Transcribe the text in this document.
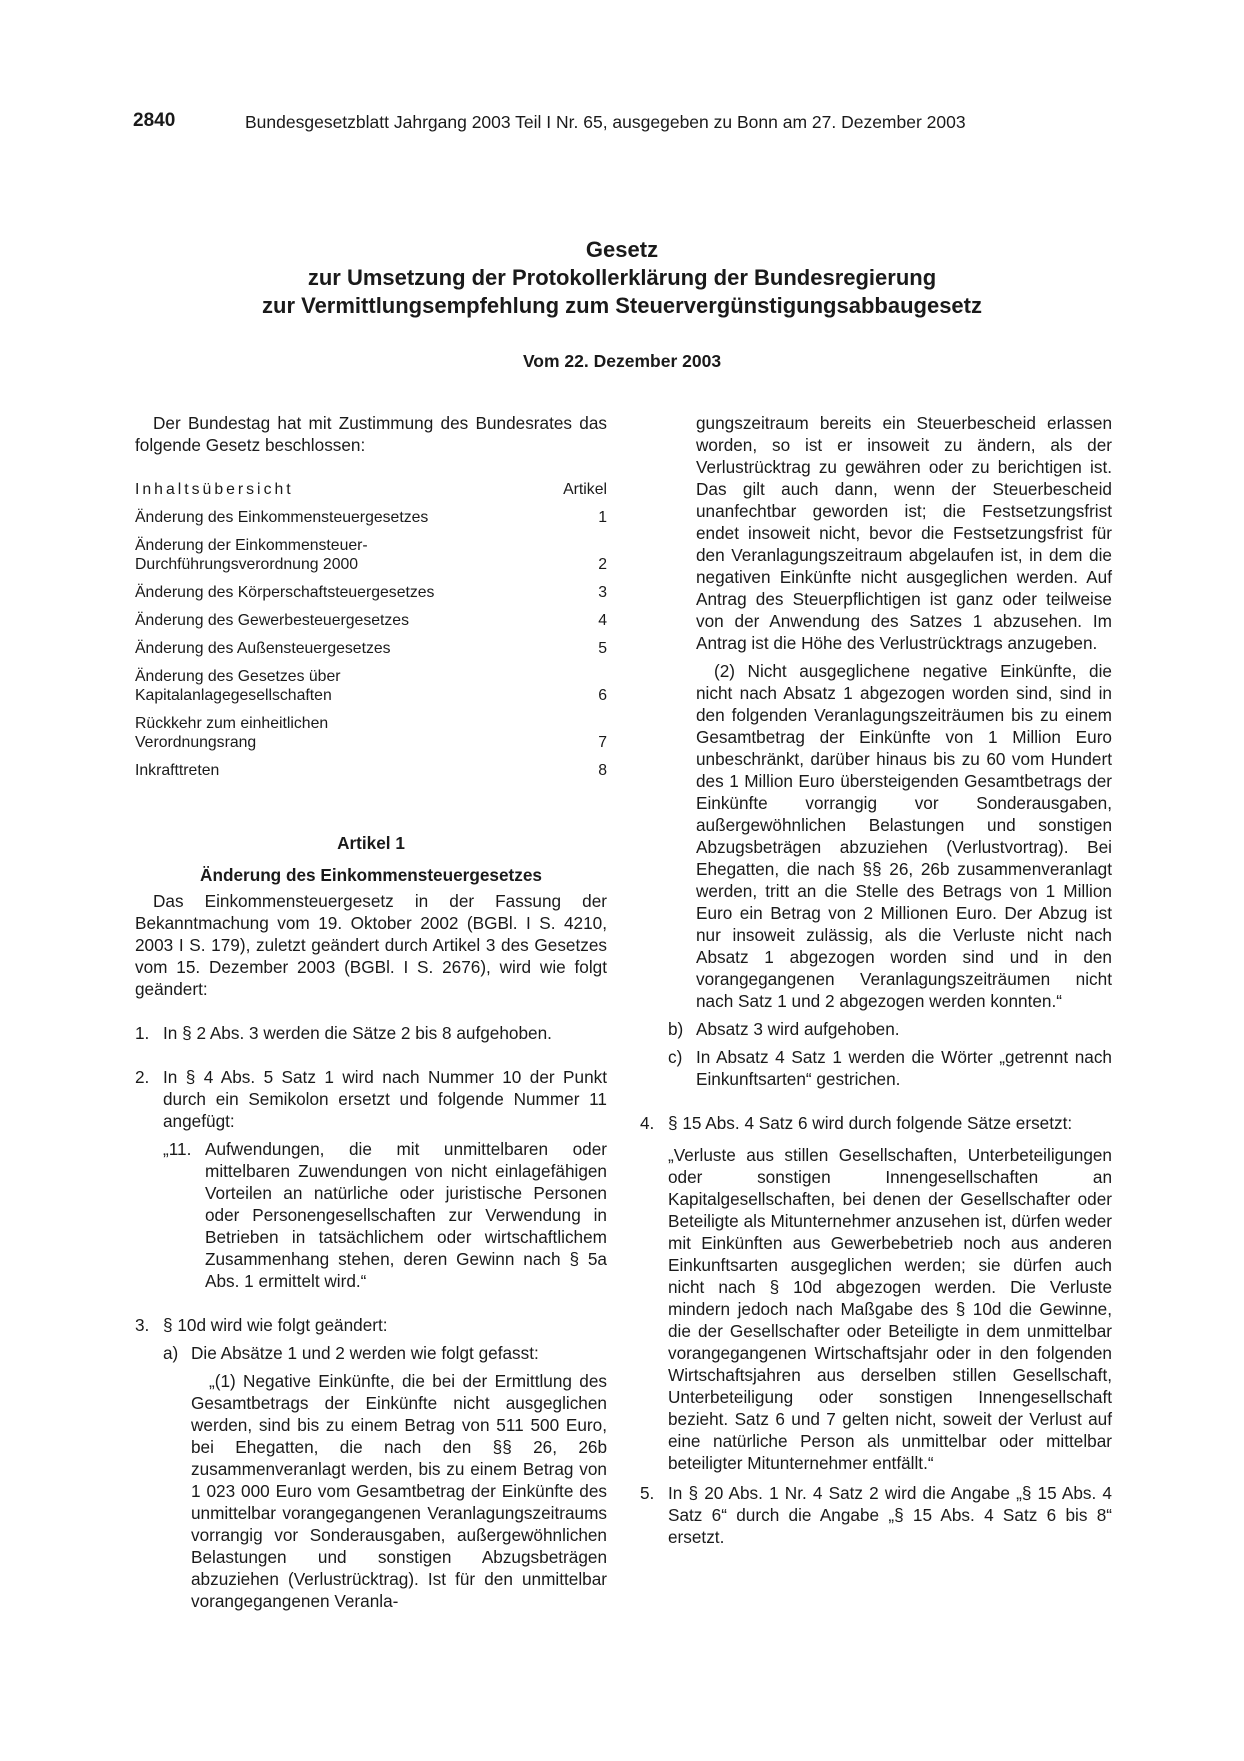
2840	Bundesgesetzblatt Jahrgang 2003 Teil I Nr. 65, ausgegeben zu Bonn am 27. Dezember 2003
Gesetz
zur Umsetzung der Protokollerklärung der Bundesregierung
zur Vermittlungsempfehlung zum Steuervergünstigungsabbaugesetz
Vom 22. Dezember 2003

Der Bundestag hat mit Zustimmung des Bundesrates das folgende Gesetz beschlossen:

Inhaltsübersicht	Artikel
Änderung des Einkommensteuergesetzes	1
Änderung der Einkommensteuer-Durchführungsverordnung 2000	2
Änderung des Körperschaftsteuergesetzes	3
Änderung des Gewerbesteuergesetzes	4
Änderung des Außensteuergesetzes	5
Änderung des Gesetzes über Kapitalanlagegesellschaften	6
Rückkehr zum einheitlichen Verordnungsrang	7
Inkrafttreten	8

Artikel 1

Änderung des Einkommensteuergesetzes

Das Einkommensteuergesetz in der Fassung der Bekanntmachung vom 19. Oktober 2002 (BGBl. I S. 4210, 2003 I S. 179), zuletzt geändert durch Artikel 3 des Gesetzes vom 15. Dezember 2003 (BGBl. I S. 2676), wird wie folgt geändert:

1. In § 2 Abs. 3 werden die Sätze 2 bis 8 aufgehoben.
2. In § 4 Abs. 5 Satz 1 wird nach Nummer 10 der Punkt durch ein Semikolon ersetzt und folgende Nummer 11 angefügt:
„11. Aufwendungen, die mit unmittelbaren oder mittelbaren Zuwendungen von nicht einlagefähigen Vorteilen an natürliche oder juristische Personen oder Personengesellschaften zur Verwendung in Betrieben in tatsächlichem oder wirtschaftlichem Zusammenhang stehen, deren Gewinn nach § 5a Abs. 1 ermittelt wird.“
3. § 10d wird wie folgt geändert:
a) Die Absätze 1 und 2 werden wie folgt gefasst:

„(1) Negative Einkünfte, die bei der Ermittlung des Gesamtbetrags der Einkünfte nicht ausgeglichen werden, sind bis zu einem Betrag von 511 500 Euro, bei Ehegatten, die nach den §§ 26, 26b zusammenveranlagt werden, bis zu einem Betrag von 1 023 000 Euro vom Gesamtbetrag der Einkünfte des unmittelbar vorangegangenen Veranlagungszeitraums vorrangig vor Sonderausgaben, außergewöhnlichen Belastungen und sonstigen Abzugsbeträgen abzuziehen (Verlustrücktrag). Ist für den unmittelbar vorangegangenen Veranla-

gungszeitraum bereits ein Steuerbescheid erlassen worden, so ist er insoweit zu ändern, als der Verlustrücktrag zu gewähren oder zu berichtigen ist. Das gilt auch dann, wenn der Steuerbescheid unanfechtbar geworden ist; die Festsetzungsfrist endet insoweit nicht, bevor die Festsetzungsfrist für den Veranlagungszeitraum abgelaufen ist, in dem die negativen Einkünfte nicht ausgeglichen werden. Auf Antrag des Steuerpflichtigen ist ganz oder teilweise von der Anwendung des Satzes 1 abzusehen. Im Antrag ist die Höhe des Verlustrücktrags anzugeben.

(2) Nicht ausgeglichene negative Einkünfte, die nicht nach Absatz 1 abgezogen worden sind, sind in den folgenden Veranlagungszeiträumen bis zu einem Gesamtbetrag der Einkünfte von 1 Million Euro unbeschränkt, darüber hinaus bis zu 60 vom Hundert des 1 Million Euro übersteigenden Gesamtbetrags der Einkünfte vorrangig vor Sonderausgaben, außergewöhnlichen Belastungen und sonstigen Abzugsbeträgen abzuziehen (Verlustvortrag). Bei Ehegatten, die nach §§ 26, 26b zusammenveranlagt werden, tritt an die Stelle des Betrags von 1 Million Euro ein Betrag von 2 Millionen Euro. Der Abzug ist nur insoweit zulässig, als die Verluste nicht nach Absatz 1 abgezogen worden sind und in den vorangegangenen Veranlagungszeiträumen nicht nach Satz 1 und 2 abgezogen werden konnten.“

b) Absatz 3 wird aufgehoben.
c) In Absatz 4 Satz 1 werden die Wörter „getrennt nach Einkunftsarten“ gestrichen.
4. § 15 Abs. 4 Satz 6 wird durch folgende Sätze ersetzt:

„Verluste aus stillen Gesellschaften, Unterbeteiligungen oder sonstigen Innengesellschaften an Kapitalgesellschaften, bei denen der Gesellschafter oder Beteiligte als Mitunternehmer anzusehen ist, dürfen weder mit Einkünften aus Gewerbebetrieb noch aus anderen Einkunftsarten ausgeglichen werden; sie dürfen auch nicht nach § 10d abgezogen werden. Die Verluste mindern jedoch nach Maßgabe des § 10d die Gewinne, die der Gesellschafter oder Beteiligte in dem unmittelbar vorangegangenen Wirtschaftsjahr oder in den folgenden Wirtschaftsjahren aus derselben stillen Gesellschaft, Unterbeteiligung oder sonstigen Innengesellschaft bezieht. Satz 6 und 7 gelten nicht, soweit der Verlust auf eine natürliche Person als unmittelbar oder mittelbar beteiligter Mitunternehmer entfällt.“

5. In § 20 Abs. 1 Nr. 4 Satz 2 wird die Angabe „§ 15 Abs. 4 Satz 6“ durch die Angabe „§ 15 Abs. 4 Satz 6 bis 8“ ersetzt.
